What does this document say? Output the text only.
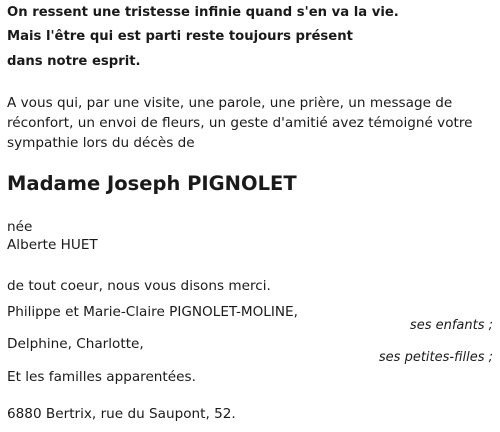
On ressent une tristesse infinie quand s'en va la vie.
Mais l'être qui est parti reste toujours présent
dans notre esprit.
A vous qui, par une visite, une parole, une prière, un message de
réconfort, un envoi de fleurs, un geste d'amitié avez témoigné votre
sympathie lors du décès de
Madame Joseph PIGNOLET
née
Alberte HUET
de tout coeur, nous vous disons merci.
Philippe et Marie-Claire PIGNOLET-MOLINE,
ses enfants ;
Delphine, Charlotte,
ses petites-filles ;
Et les familles apparentées.
6880 Bertrix, rue du Saupont, 52.
